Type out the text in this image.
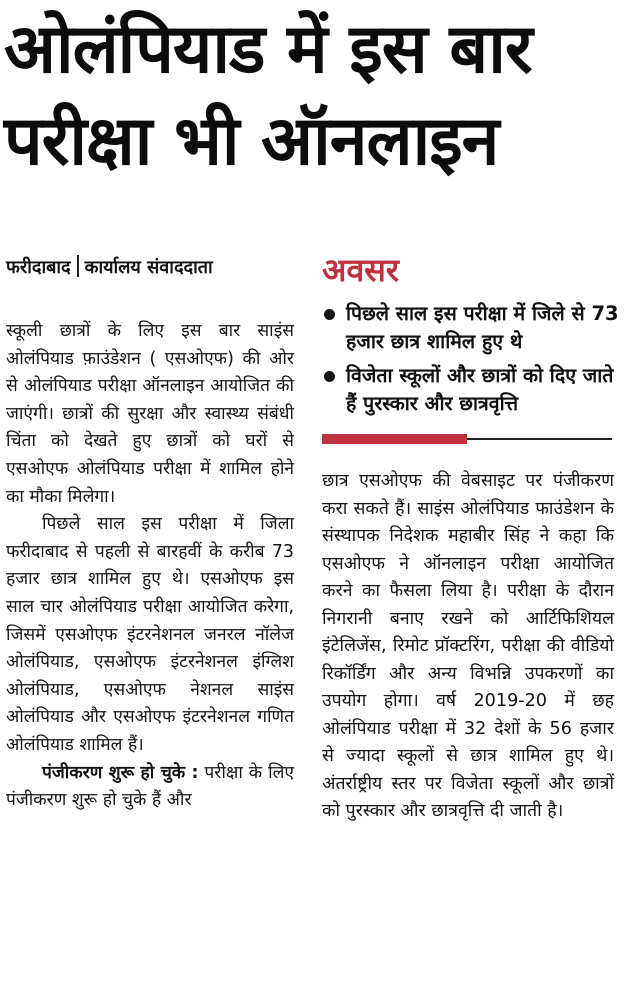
ओलंपियाड में इस बार
परीक्षा भी ऑनलाइन
फरीदाबाद कार्यालय संवाददाता	अवसर
पिछले साल इस परीक्षा में जिले से 73 हजार छात्र शामिल हुए थे
विजेता स्कूलों और छात्रों को दिए जाते हैं पुरस्कार और छात्रवृत्ति

स्कूली छात्रों के लिए इस बार साइंस ओलंपियाड फ़ाउंडेशन ( एसओएफ) की ओर से ओलंपियाड परीक्षा ऑनलाइन आयोजित की जाएंगी। छात्रों की सुरक्षा और स्वास्थ्य संबंधी चिंता को देखते हुए छात्रों को घरों से एसओएफ ओलंपियाड परीक्षा में शामिल होने का मौका मिलेगा।

पिछले साल इस परीक्षा में जिला फरीदाबाद से पहली से बारहवीं के करीब 73 हजार छात्र शामिल हुए थे। एसओएफ इस साल चार ओलंपियाड परीक्षा आयोजित करेगा, जिसमें एसओएफ इंटरनेशनल जनरल नॉलेज ओलंपियाड, एसओएफ इंटरनेशनल इंग्लिश ओलंपियाड, एसओएफ नेशनल साइंस ओलंपियाड और एसओएफ इंटरनेशनल गणित ओलंपियाड शामिल हैं।

पंजीकरण शुरू हो चुके : परीक्षा के लिए पंजीकरण शुरू हो चुके हैं और

छात्र एसओएफ की वेबसाइट पर पंजीकरण करा सकते हैं। साइंस ओलंपियाड फाउंडेशन के संस्थापक निदेशक महाबीर सिंह ने कहा कि एसओएफ ने ऑनलाइन परीक्षा आयोजित करने का फैसला लिया है। परीक्षा के दौरान निगरानी बनाए रखने को आर्टिफिशियल इंटेलिजेंस, रिमोट प्रॉक्टरिंग, परीक्षा की वीडियो रिकॉर्डिंग और अन्य विभन्नि उपकरणों का उपयोग होगा। वर्ष 2019-20 में छह ओलंपियाड परीक्षा में 32 देशों के 56 हजार से ज्यादा स्कूलों से छात्र शामिल हुए थे। अंतर्राष्ट्रीय स्तर पर विजेता स्कूलों और छात्रों को पुरस्कार और छात्रवृत्ति दी जाती है।
